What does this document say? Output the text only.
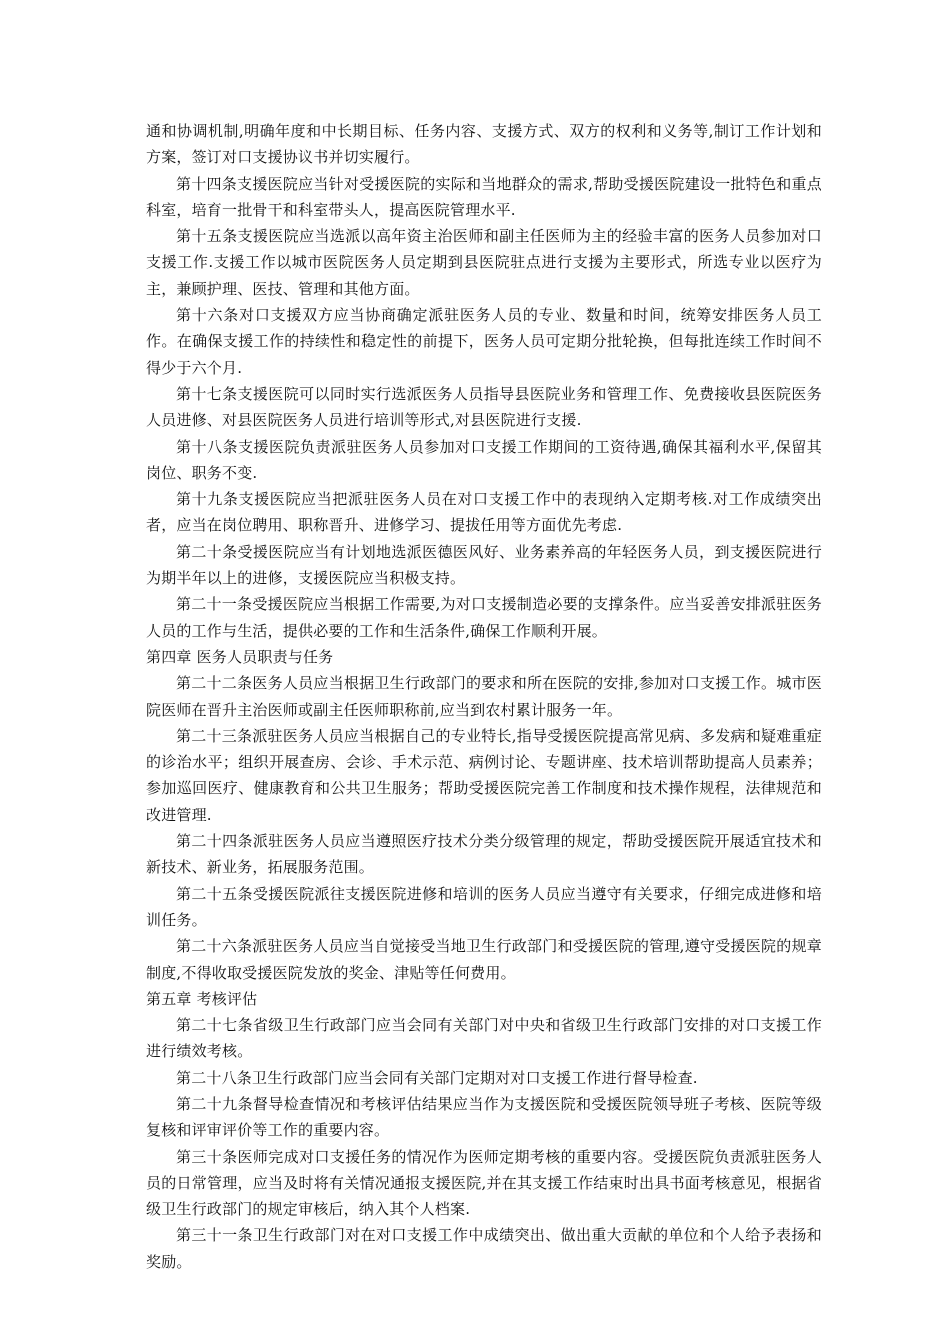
通和协调机制,明确年度和中长期目标、任务内容、支援方式、双方的权利和义务等,制订工作计划和方案，签订对口支援协议书并切实履行。

第十四条支援医院应当针对受援医院的实际和当地群众的需求,帮助受援医院建设一批特色和重点科室，培育一批骨干和科室带头人，提高医院管理水平.

第十五条支援医院应当选派以高年资主治医师和副主任医师为主的经验丰富的医务人员参加对口支援工作.支援工作以城市医院医务人员定期到县医院驻点进行支援为主要形式，所选专业以医疗为主，兼顾护理、医技、管理和其他方面。

第十六条对口支援双方应当协商确定派驻医务人员的专业、数量和时间，统筹安排医务人员工作。在确保支援工作的持续性和稳定性的前提下，医务人员可定期分批轮换，但每批连续工作时间不得少于六个月.

第十七条支援医院可以同时实行选派医务人员指导县医院业务和管理工作、免费接收县医院医务人员进修、对县医院医务人员进行培训等形式,对县医院进行支援.

第十八条支援医院负责派驻医务人员参加对口支援工作期间的工资待遇,确保其福利水平,保留其岗位、职务不变.

第十九条支援医院应当把派驻医务人员在对口支援工作中的表现纳入定期考核.对工作成绩突出者，应当在岗位聘用、职称晋升、进修学习、提拔任用等方面优先考虑.

第二十条受援医院应当有计划地选派医德医风好、业务素养高的年轻医务人员，到支援医院进行为期半年以上的进修，支援医院应当积极支持。

第二十一条受援医院应当根据工作需要,为对口支援制造必要的支撑条件。应当妥善安排派驻医务人员的工作与生活，提供必要的工作和生活条件,确保工作顺利开展。

第四章 医务人员职责与任务

第二十二条医务人员应当根据卫生行政部门的要求和所在医院的安排,参加对口支援工作。城市医院医师在晋升主治医师或副主任医师职称前,应当到农村累计服务一年。

第二十三条派驻医务人员应当根据自己的专业特长,指导受援医院提高常见病、多发病和疑难重症的诊治水平；组织开展查房、会诊、手术示范、病例讨论、专题讲座、技术培训帮助提高人员素养；参加巡回医疗、健康教育和公共卫生服务；帮助受援医院完善工作制度和技术操作规程，法律规范和改进管理.

第二十四条派驻医务人员应当遵照医疗技术分类分级管理的规定，帮助受援医院开展适宜技术和新技术、新业务，拓展服务范围。

第二十五条受援医院派往支援医院进修和培训的医务人员应当遵守有关要求，仔细完成进修和培训任务。

第二十六条派驻医务人员应当自觉接受当地卫生行政部门和受援医院的管理,遵守受援医院的规章制度,不得收取受援医院发放的奖金、津贴等任何费用。

第五章 考核评估

第二十七条省级卫生行政部门应当会同有关部门对中央和省级卫生行政部门安排的对口支援工作进行绩效考核。

第二十八条卫生行政部门应当会同有关部门定期对对口支援工作进行督导检查.

第二十九条督导检查情况和考核评估结果应当作为支援医院和受援医院领导班子考核、医院等级复核和评审评价等工作的重要内容。

第三十条医师完成对口支援任务的情况作为医师定期考核的重要内容。受援医院负责派驻医务人员的日常管理，应当及时将有关情况通报支援医院,并在其支援工作结束时出具书面考核意见，根据省级卫生行政部门的规定审核后，纳入其个人档案.

第三十一条卫生行政部门对在对口支援工作中成绩突出、做出重大贡献的单位和个人给予表扬和奖励。
